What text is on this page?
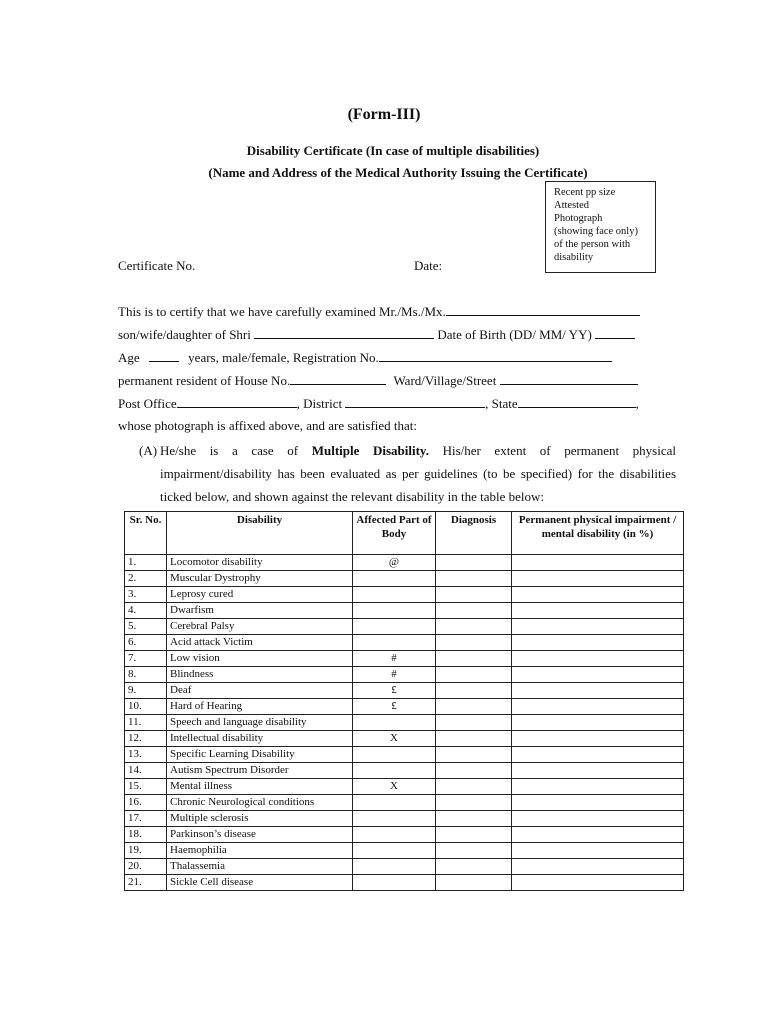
(Form-III)
Disability Certificate (In case of multiple disabilities)
(Name and Address of the Medical Authority Issuing the Certificate)
Recent pp size
Attested
Photograph
(showing face only)
of the person with
disability
Certificate No.	Date:
This is to certify that we have carefully examined Mr./Ms./Mx.
son/wife/daughter of Shri	Date of Birth (DD/ MM/ YY)
Age	years, male/female, Registration No.
permanent resident of House No.	Ward/Village/Street
Post Office	, District	, State	,
whose photograph is affixed above, and are satisfied that:
(A) He/she is a case of Multiple Disability. His/her extent of permanent physical impairment/disability has been evaluated as per guidelines (to be specified) for the disabilities ticked below, and shown against the relevant disability in the table below:
Sr. No.	Disability	Affected Part of Body	Diagnosis	Permanent physical impairment / mental disability (in %)
1.	Locomotor disability	@		
2.	Muscular Dystrophy			
3.	Leprosy cured			
4.	Dwarfism			
5.	Cerebral Palsy			
6.	Acid attack Victim			
7.	Low vision	#		
8.	Blindness	#		
9.	Deaf	£		
10.	Hard of Hearing	£		
11.	Speech and language disability			
12.	Intellectual disability	X		
13.	Specific Learning Disability			
14.	Autism Spectrum Disorder			
15.	Mental illness	X		
16.	Chronic Neurological conditions			
17.	Multiple sclerosis			
18.	Parkinson’s disease			
19.	Haemophilia			
20.	Thalassemia			
21.	Sickle Cell disease			
